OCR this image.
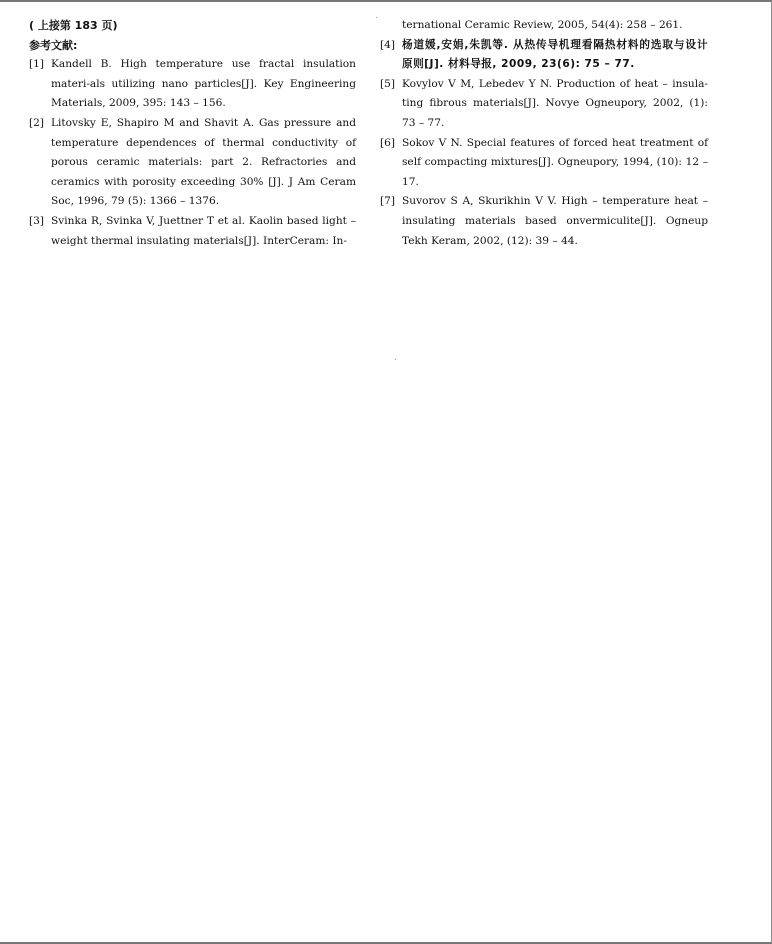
( 上接第 183 页)
参考文献:
[1] Kandell B. High temperature use fractal insulation materi-als utilizing nano particles[J]. Key Engineering Materials, 2009, 395: 143 – 156.
[2] Litovsky E, Shapiro M and Shavit A. Gas pressure and temperature dependences of thermal conductivity of porous ceramic materials: part 2. Refractories and ceramics with porosity exceeding 30% [J]. J Am Ceram Soc, 1996, 79 (5): 1366 – 1376.
[3] Svinka R, Svinka V, Juettner T et al. Kaolin based light – weight thermal insulating materials[J]. InterCeram: In-
ternational Ceramic Review, 2005, 54(4): 258 – 261.
[4] 杨道媛,安娟,朱凯等. 从热传导机理看隔热材料的选取与设计原则[J]. 材料导报, 2009, 23(6): 75 – 77.
[5] Kovylov V M, Lebedev Y N. Production of heat – insula-ting fibrous materials[J]. Novye Ogneupory, 2002, (1): 73 – 77.
[6] Sokov V N. Special features of forced heat treatment of self compacting mixtures[J]. Ogneupory, 1994, (10): 12 – 17.
[7] Suvorov S A, Skurikhin V V. High – temperature heat – insulating materials based onvermiculite[J]. Ogneup Tekh Keram, 2002, (12): 39 – 44.
